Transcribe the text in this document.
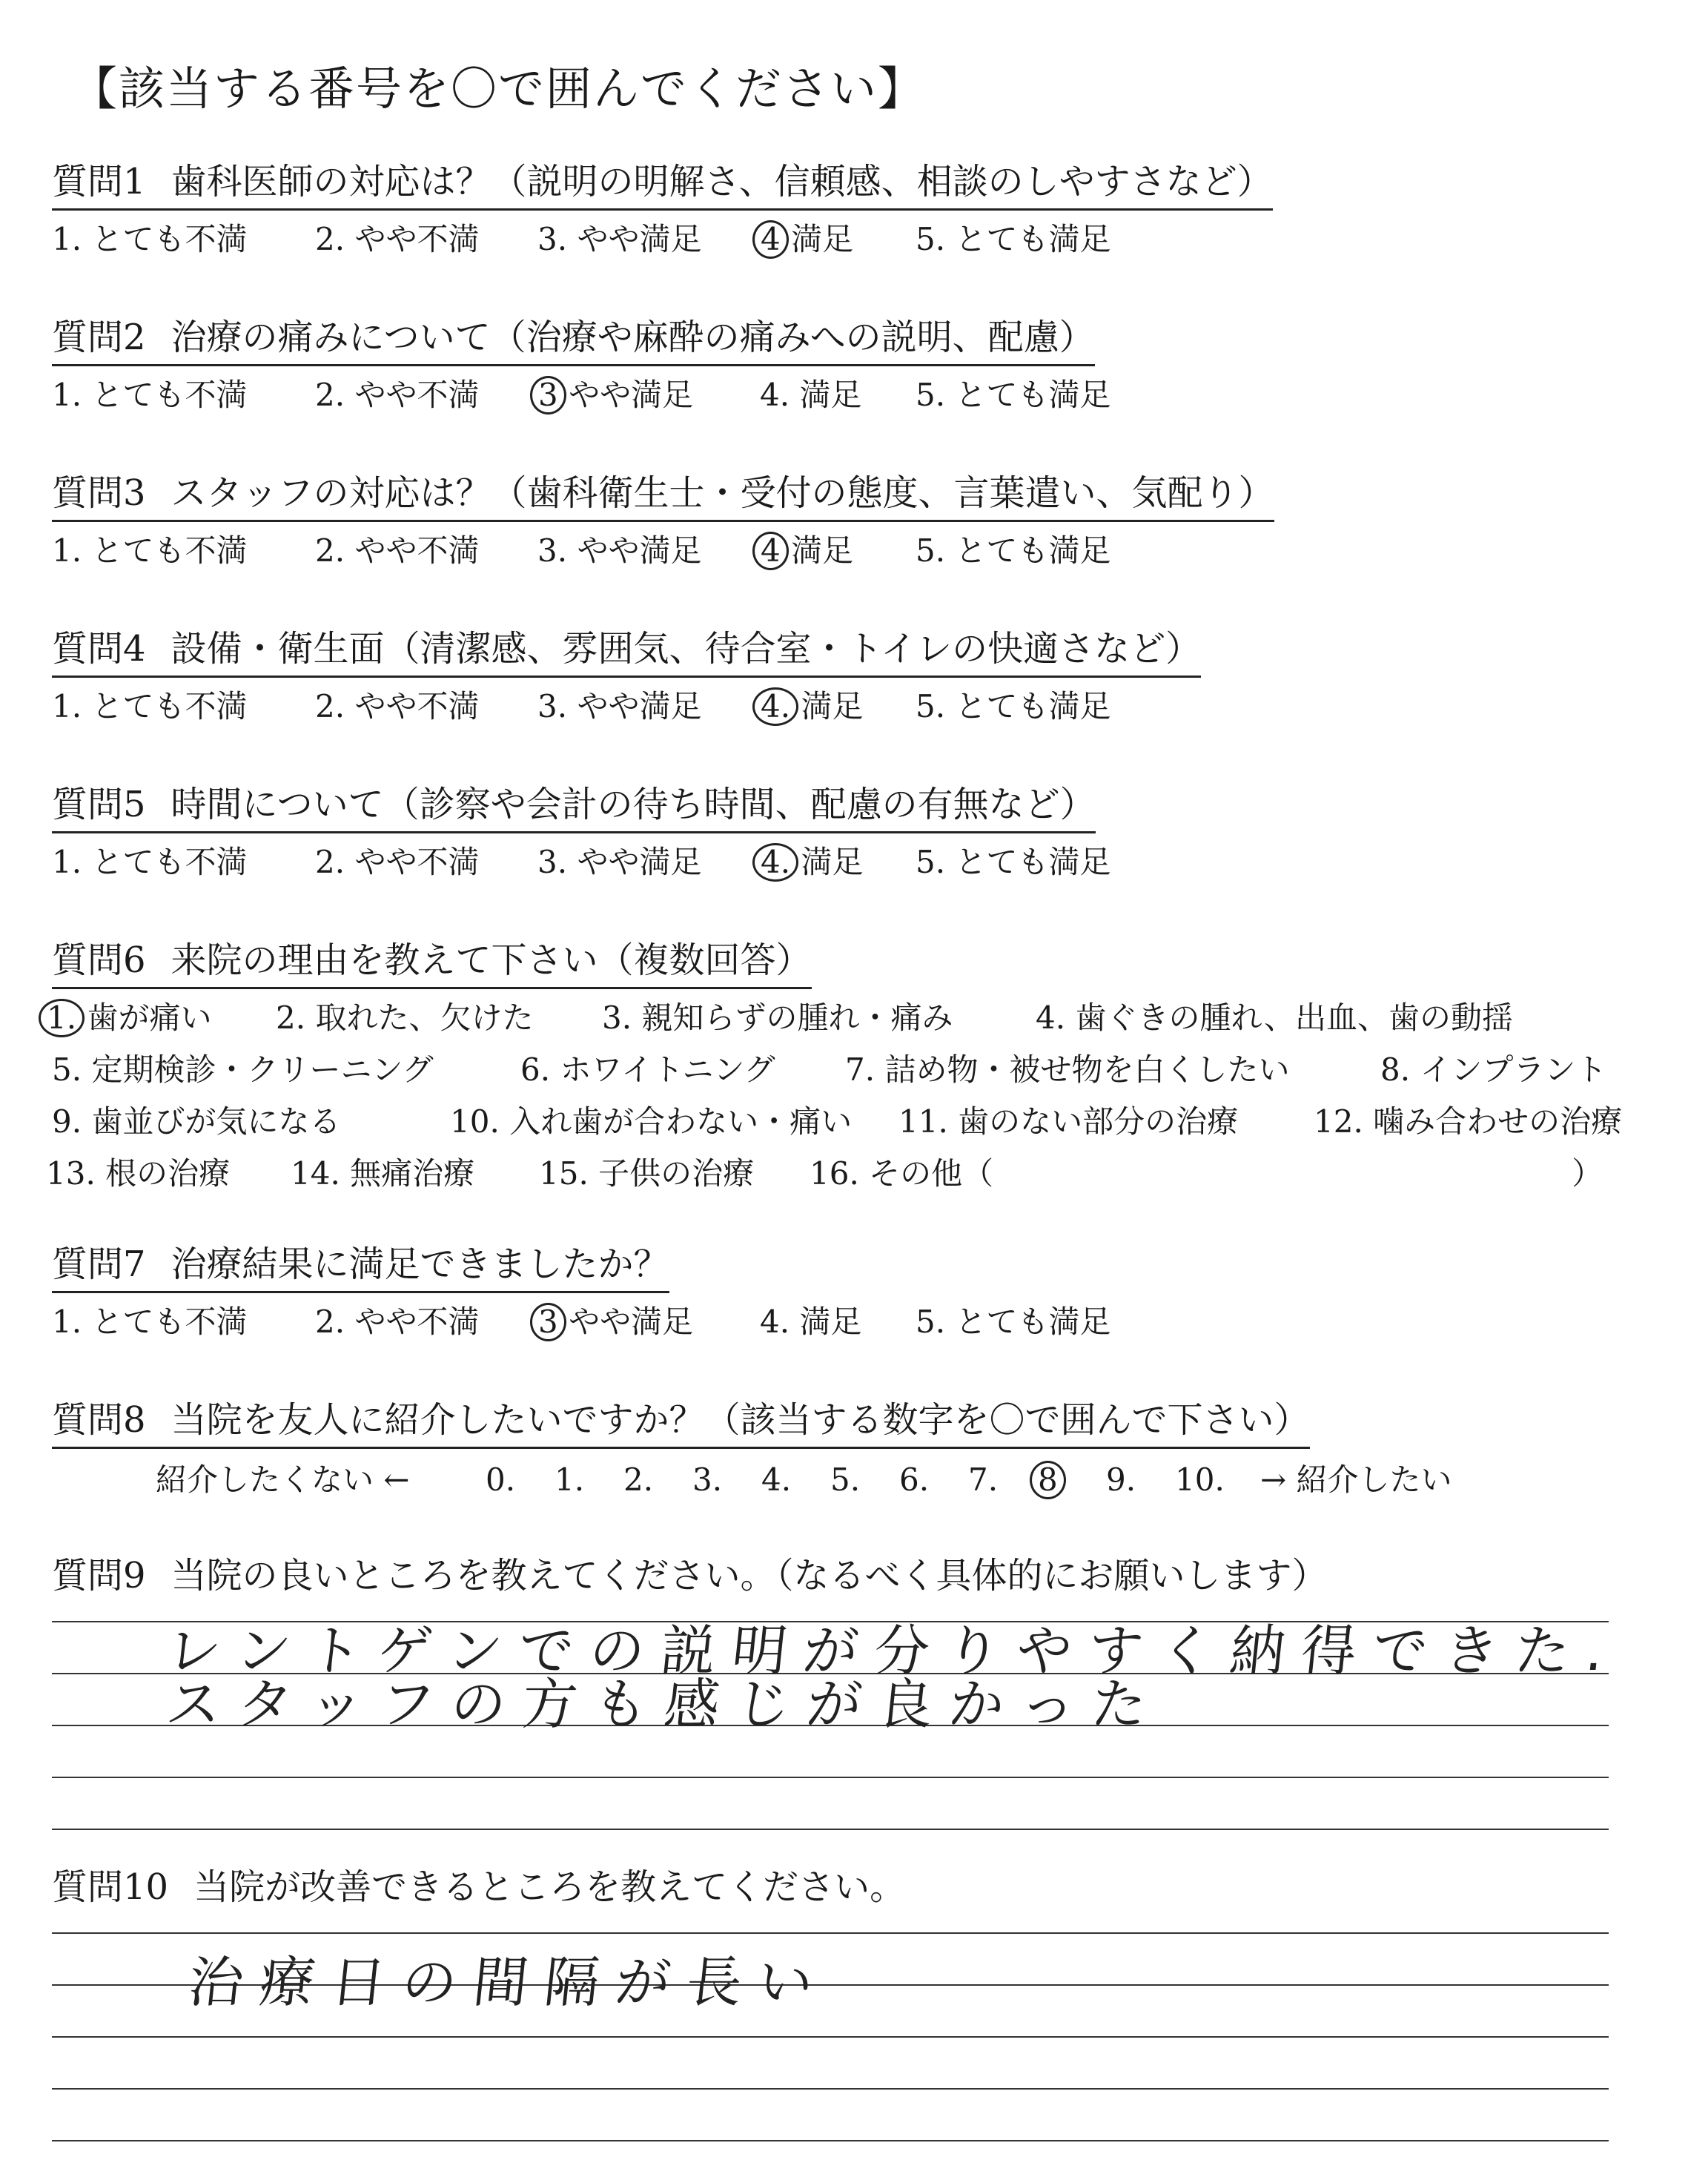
【該当する番号を〇で囲んでください】
質問1 歯科医師の対応は？（説明の明解さ、信頼感、相談のしやすさなど）
1. とても不満 2. やや不満 3. やや満足 4 満足 5. とても満足
質問2 治療の痛みについて（治療や麻酔の痛みへの説明、配慮）
1. とても不満 2. やや不満 3 やや満足 4. 満足 5. とても満足
質問3 スタッフの対応は？（歯科衛生士・受付の態度、言葉遣い、気配り）
1. とても不満 2. やや不満 3. やや満足 4 満足 5. とても満足
質問4 設備・衛生面（清潔感、雰囲気、待合室・トイレの快適さなど）
1. とても不満 2. やや不満 3. やや満足 4. 満足 5. とても満足
質問5 時間について（診察や会計の待ち時間、配慮の有無など）
1. とても不満 2. やや不満 3. やや満足 4. 満足 5. とても満足
質問6 来院の理由を教えて下さい（複数回答）
1. 歯が痛い 2. 取れた、欠けた 3. 親知らずの腫れ・痛み	4. 歯ぐきの腫れ、出血、歯の動揺
5. 定期検診・クリーニング	6. ホワイトニング 7. 詰め物・被せ物を白くしたい	8. インプラント
9. 歯並びが気になる	10. 入れ歯が合わない・痛い 11. 歯のない部分の治療 12. 噛み合わせの治療
13. 根の治療 14. 無痛治療 15. 子供の治療 16. その他（	）
質問7 治療結果に満足できましたか？
1. とても不満 2. やや不満 3 やや満足 4. 満足 5. とても満足
質問8 当院を友人に紹介したいですか？（該当する数字を〇で囲んで下さい）
紹介したくない ← 0. 1. 2. 3. 4. 5. 6. 7. 8 9. 10. → 紹介したい
質問9 当院の良いところを教えてください。（なるべく具体的にお願いします）
レントゲンでの説明が分りやすく納得できた.
スタッフの方も感じが良かった
質問10 当院が改善できるところを教えてください。
治療日の間隔が長い
